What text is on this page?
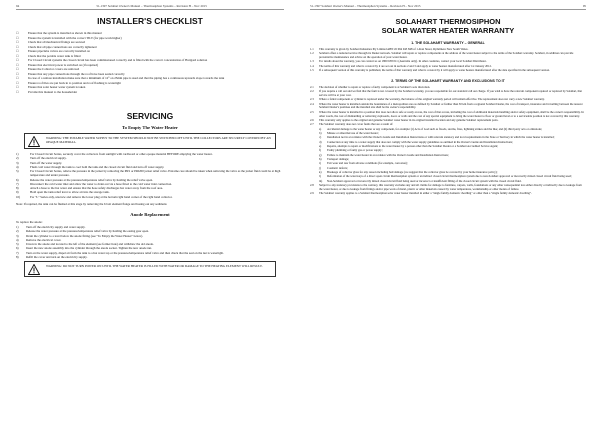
94	51-1397 Solahart Owner's Manual – Thermosiphon Systems – Revision H – Nov 2015
INSTALLER'S CHECKLIST
☐	Ensure that the system is installed as shown in this manual
☐	Ensure the system is installed with the correct TILT (for pipe work higher)
☐	Check that all mechanical fixings are secured
☐	Check that all pipe connections are correctly tightened
☐	Ensure pipe/tube valves are correctly installed on
☐	Check that the potable water tank is filled
☐	For Closed Circuit systems the closed circuit has been commissioned correctly and is filled with the correct concentration of Hartgard solution
☐	Ensure that electrical power is switched on (if required)
☐	Ensure the Collector covers are removed
☐	Ensure that any pipe connections through the roof have been sealed correctly
☐	In case of a remote installation make sure that a minimum of 12° on 25mm pipe is used and that the piping has a continuous upwards slope towards the tank
☐	Ensure roof tiles are put back in to position and roof flashing is watertight
☐	Ensure that solar heater water system is taken
☐	Provide this manual to the householder
SERVICING
To Empty The Water Heater
WARNING: THE POTABLE WATER SUPPLY TO THE SYSTEM SHOULD NOT BE SWITCHED OFF UNTIL THE COLLECTORS ARE SECURELY COVERED BY AN OPAQUE MATERIAL.
1)	For Closed Circuit Series, securely cover the collectors from sunlight with cardboard or other opaque material BEFORE emptying the water heater.
2)	Turn off the electrical supply.
3)	Turn off the water supply.
4)	Flush cold water through the tank to cool both the tank and the closed circuit fluid and turn off water supply.
5)	For Closed Circuit Series, relieve the pressure in the jacket by removing the PRS or PRI200 jacket relief valve. Extreme care should be taken when removing the valve as the jacket fluid could be at high temperature and under pressure.
6)	Release the water pressure at the pressure/temperature relief valve by holding the relief valve open.
7)	Disconnect the cold water inlet and allow the water to drain out via a hose fitted to the cold water inlet connection.
8)	Attach a hose to the hot water and ensure that the hose safely discharges hot water away from the roof area.
9)	Hold open the tank relief lever to allow air into the storage tank.
10)	For "L" Series only, unscrew and remove the lower plug at the bottom right hand corner of the right hand collector.

Note: If required, the tank can be flushed at this stage by removing the 6 bolt element flange and hosing out any sediment.

Anode Replacement

To replace the anode:

1)	Turn off the electricity supply and water supply.
2)	Release the water pressure at the pressure/temperature relief valve by holding the easing gear open.
3)	Drain the cylinder to a level below the anode fitting (see "To Empty the Water Heater" below).
4)	Remove the electrical cover.
5)	Unscrew the anode and located to the left of the element (see former hole) and withdraw the old anode.
6)	Insert the new anode assembly into the cylinder through the anode socket. Tighten the new anode nut.
7)	Turn on the water supply, dispel air from the tank to a hot water tap or the pressure/temperature relief valve and then check that the seal on the nut is watertight.
8)	Refill the cover and turn on the electricity supply.
WARNING: DO NOT TURN POWER ON UNTIL THE WATER HEATER IS FILLED WITH WATER OR DAMAGE TO THE HEATING ELEMENT WILL RESULT.
51-1397 Solahart Owner's Manual – Thermosiphon Systems – Revision H – Nov 2015	95
SOLAHART THERMOSIPHON
SOLAR WATER HEATER WARRANTY
1. THE SOLAHART WARRANTY – GENERAL
1.1	This warranty is given by Solahart Industries Pty Limited ABN 45 064 945 848 of 1 Alan Street, Rydalmere New South Wales.
1.2	Solahart offers a national service through its Dealer network. Solahart will repair or replace components at the address of the water heater subject to the terms of the Solahart warranty. Solahart, in addition can provide preventative maintenance and advice on the operation of your water heater.
1.3	For details about the warranty, you can contact us on 1800 638 011 (Australia only). In other countries, contact your local Solahart Distributor.
1.4	The terms of this warranty and what is covered by it are set out in sections 2 and 3 and apply to water heaters manufactured after 1st January 2012.
1.5	If a subsequent version of this warranty is published, the terms of that warranty and what is covered by it will apply to water heaters manufactured after the date specified in the subsequent version.
2. TERMS OF THE SOLAHART WARRANTY AND EXCLUSIONS TO IT
2.1	The decision of whether to repair or replace a faulty component is at Solahart's sole discretion.
2.2	If you require a call out and we find that the fault is not covered by the Solahart warranty, you are responsible for our standard call out charge. If you wish to have the relevant component repaired or replaced by Solahart, that service will be at your cost.
2.3	Where a failed component or cylinder is replaced under the warranty, the balance of the original warranty period will remain effective. The replacement does not carry a new Solahart warranty.
2.4	Where the water heater is installed outside the boundaries of a metropolitan area as defined by Solahart or further than 30 km from a regional Solahart Dealer, the cost of transport, insurance and travelling between the nearest Solahart Dealer's premises and the installed site shall be the owner's responsibility.
2.5	Where the water heater is installed in a position that does not allow safe or ready access, the cost of that access, including the cost of additional materials handling and/or safety equipment, shall be the owner's responsibility. In other words, the cost of dismantling or removing cupboards, doors or walls and the cost of any special equipment to bring the water heater to floor or ground level or to a serviceable position is not covered by this warranty.
2.6	This warranty only applies to the original and genuine Solahart water heater in its original installed location and any genuine Solahart replacement parts.
2.7	The Solahart warranty does not cover faults that are a result of:
a)	Accidental damage to the water heater or any component, for example: (i) Acts of God such as floods, storms, fires, lightning strikes and the like; and (ii) third party acts or omissions;
b)	Misuse or abnormal use of the water heater;
c)	Installation not in accordance with the Owner's Guide and Installation Instructions or with relevant statutory and local requirements in the State or Territory in which the water heater is installed;
d)	Connection at any time to a water supply that does not comply with the water supply guidelines as outlined in the Owner's Guide and Installation Instructions;
e)	Repairs, attempts to repair or modifications to the water heater by a person other than the Solahart Dealer or a Solahart Accredited Service Agent;
f)	Faulty plumbing or faulty gas or power supply;
g)	Failure to maintain the water heater in accordance with the Owner's Guide and Installation Instructions;
h)	Transport damage;
i)	Fair wear and tear from adverse conditions (for example, corrosion);
j)	Cosmetic defects;
k)	Breakage of collector glass for any reason including hail damage (we suggest that the collector glass be covered by your home insurance policy);
l)	Deformation of the waterways of a direct open circuit thermosiphon system or an indirect closed circuit thermosiphon system due to non-Solahart approved or incorrectly mixed closed circuit fluid being used;
m)	Non-Solahart approved or incorrectly mixed closed circuit fluid being used or incorrect or insufficient filling of the closed circuit system with the closed circuit fluid.
2.8	Subject to any statutory provisions to the contrary, this warranty excludes any and all claims for damage to furniture, carpets, walls, foundations or any other consequential loss either directly or indirectly due to leakage from the water heater, or due to leakage from fittings and/or pipe work of metal, plastic or other materials caused by water temperature, workmanship or other modes of failure.
2.9	The Solahart warranty applies to a Solahart thermosiphon solar water heater installed in either a "single family domestic dwelling" or other than a "single family domestic dwelling".
